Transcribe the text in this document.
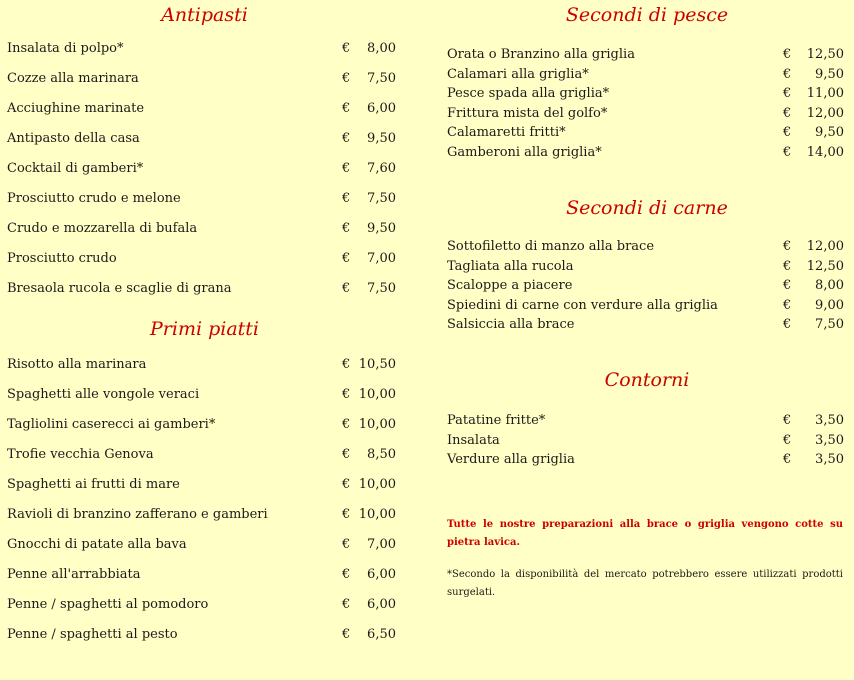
Antipasti
Insalata di polpo*	€	8,00
Cozze alla marinara	€	7,50
Acciughine marinate	€	6,00
Antipasto della casa	€	9,50
Cocktail di gamberi*	€	7,60
Prosciutto crudo e melone	€	7,50
Crudo e mozzarella di bufala	€	9,50
Prosciutto crudo	€	7,00
Bresaola rucola e scaglie di grana	€	7,50
Primi piatti
Risotto alla marinara	€ 10,50
Spaghetti alle vongole veraci	€ 10,00
Tagliolini casereccі ai gamberi*	€ 10,00
Trofie vecchia Genova	€	8,50
Spaghetti ai frutti di mare	€ 10,00
Ravioli di branzino zafferano e gamberi	€ 10,00
Gnocchi di patate alla bava	€	7,00
Penne all'arrabbiata	€	6,00
Penne / spaghetti al pomodoro	€	6,00
Penne / spaghetti al pesto	€	6,50
Secondi di pesce
Orata o Branzino alla griglia	€	12,50
Calamari alla griglia*	€	9,50
Pesce spada alla griglia*	€	11,00
Frittura mista del golfo*	€	12,00
Calamaretti fritti*	€	9,50
Gamberoni alla griglia*	€	14,00
Secondi di carne
Sottofiletto di manzo alla brace	€	12,00
Tagliata alla rucola	€	12,50
Scaloppe a piacere	€	8,00
Spiedini di carne con verdure alla griglia	€	9,00
Salsiccia alla brace	€	7,50
Contorni
Patatine fritte*	€	3,50
Insalata	€	3,50
Verdure alla griglia	€	3,50
Tutte le nostre preparazioni alla brace o griglia vengono cotte su pietra lavica.
*Secondo la disponibilità del mercato potrebbero essere utilizzati prodotti surgelati.
